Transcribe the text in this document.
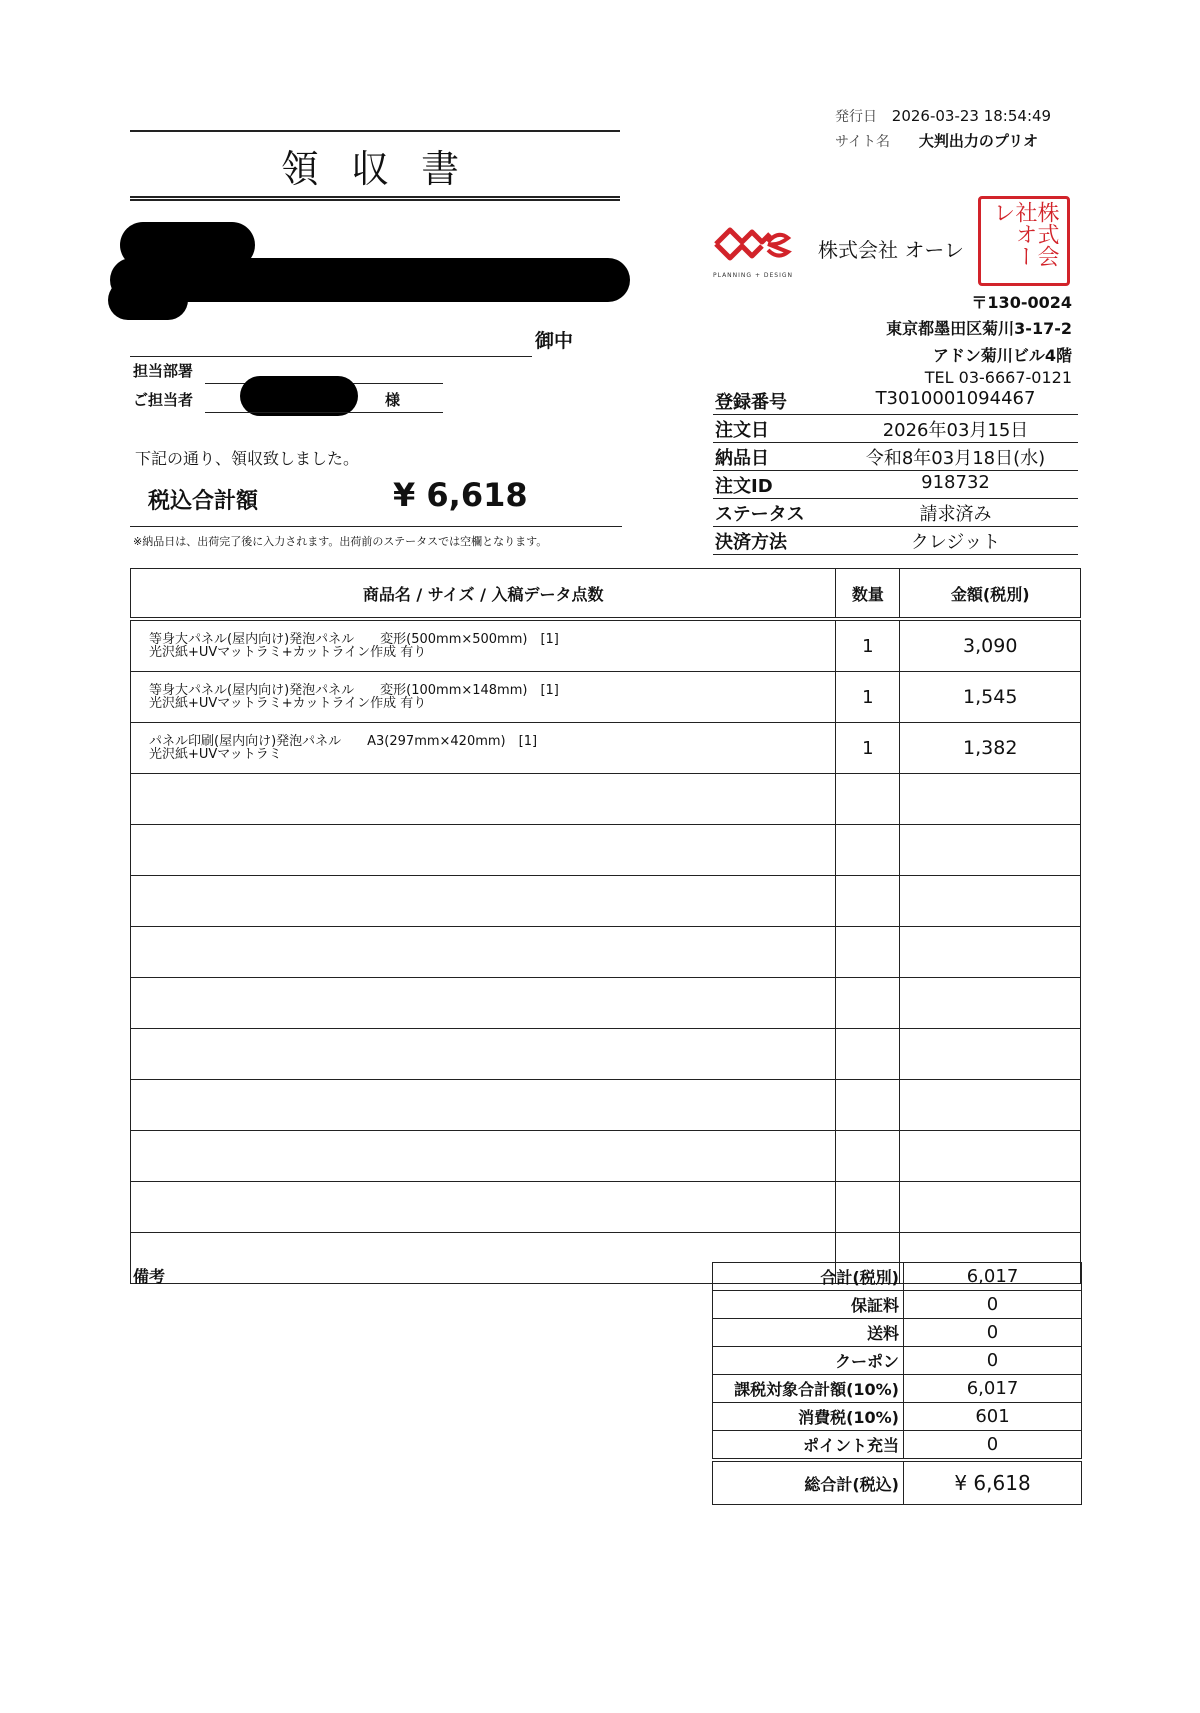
発行日 2026-03-23 18:54:49
サイト名 大判出力のプリオ
領 収 書
御中
担当部署
ご担当者	様
下記の通り、領収致しました。
税込合計額	¥ 6,618
※納品日は、出荷完了後に入力されます。出荷前のステータスでは空欄となります。
PLANNING + DESIGN
株式会社 オーレ	株式会社オーレ
〒130-0024
東京都墨田区菊川3-17-2
アドン菊川ビル4階
TEL 03-6667-0121
登録番号	T3010001094467
注文日	2026年03月15日
納品日	令和8年03月18日(水)
注文ID	918732
ステータス	請求済み
決済方法	クレジット
商品名 / サイズ / 入稿データ点数	数量	金額(税別)

等身大パネル(屋内向け)発泡パネル　　変形(500mm×500mm)　[1]
光沢紙+UVマットラミ+カットライン作成 有り	1	3,090

等身大パネル(屋内向け)発泡パネル　　変形(100mm×148mm)　[1]
光沢紙+UVマットラミ+カットライン作成 有り	1	1,545

パネル印刷(屋内向け)発泡パネル　　A3(297mm×420mm)　[1]
光沢紙+UVマットラミ	1	1,382

備考	合計(税別)	6,017
保証料	0
送料	0
クーポン	0
課税対象合計額(10%)	6,017
消費税(10%)	601
ポイント充当	0
総合計(税込)	¥ 6,618
